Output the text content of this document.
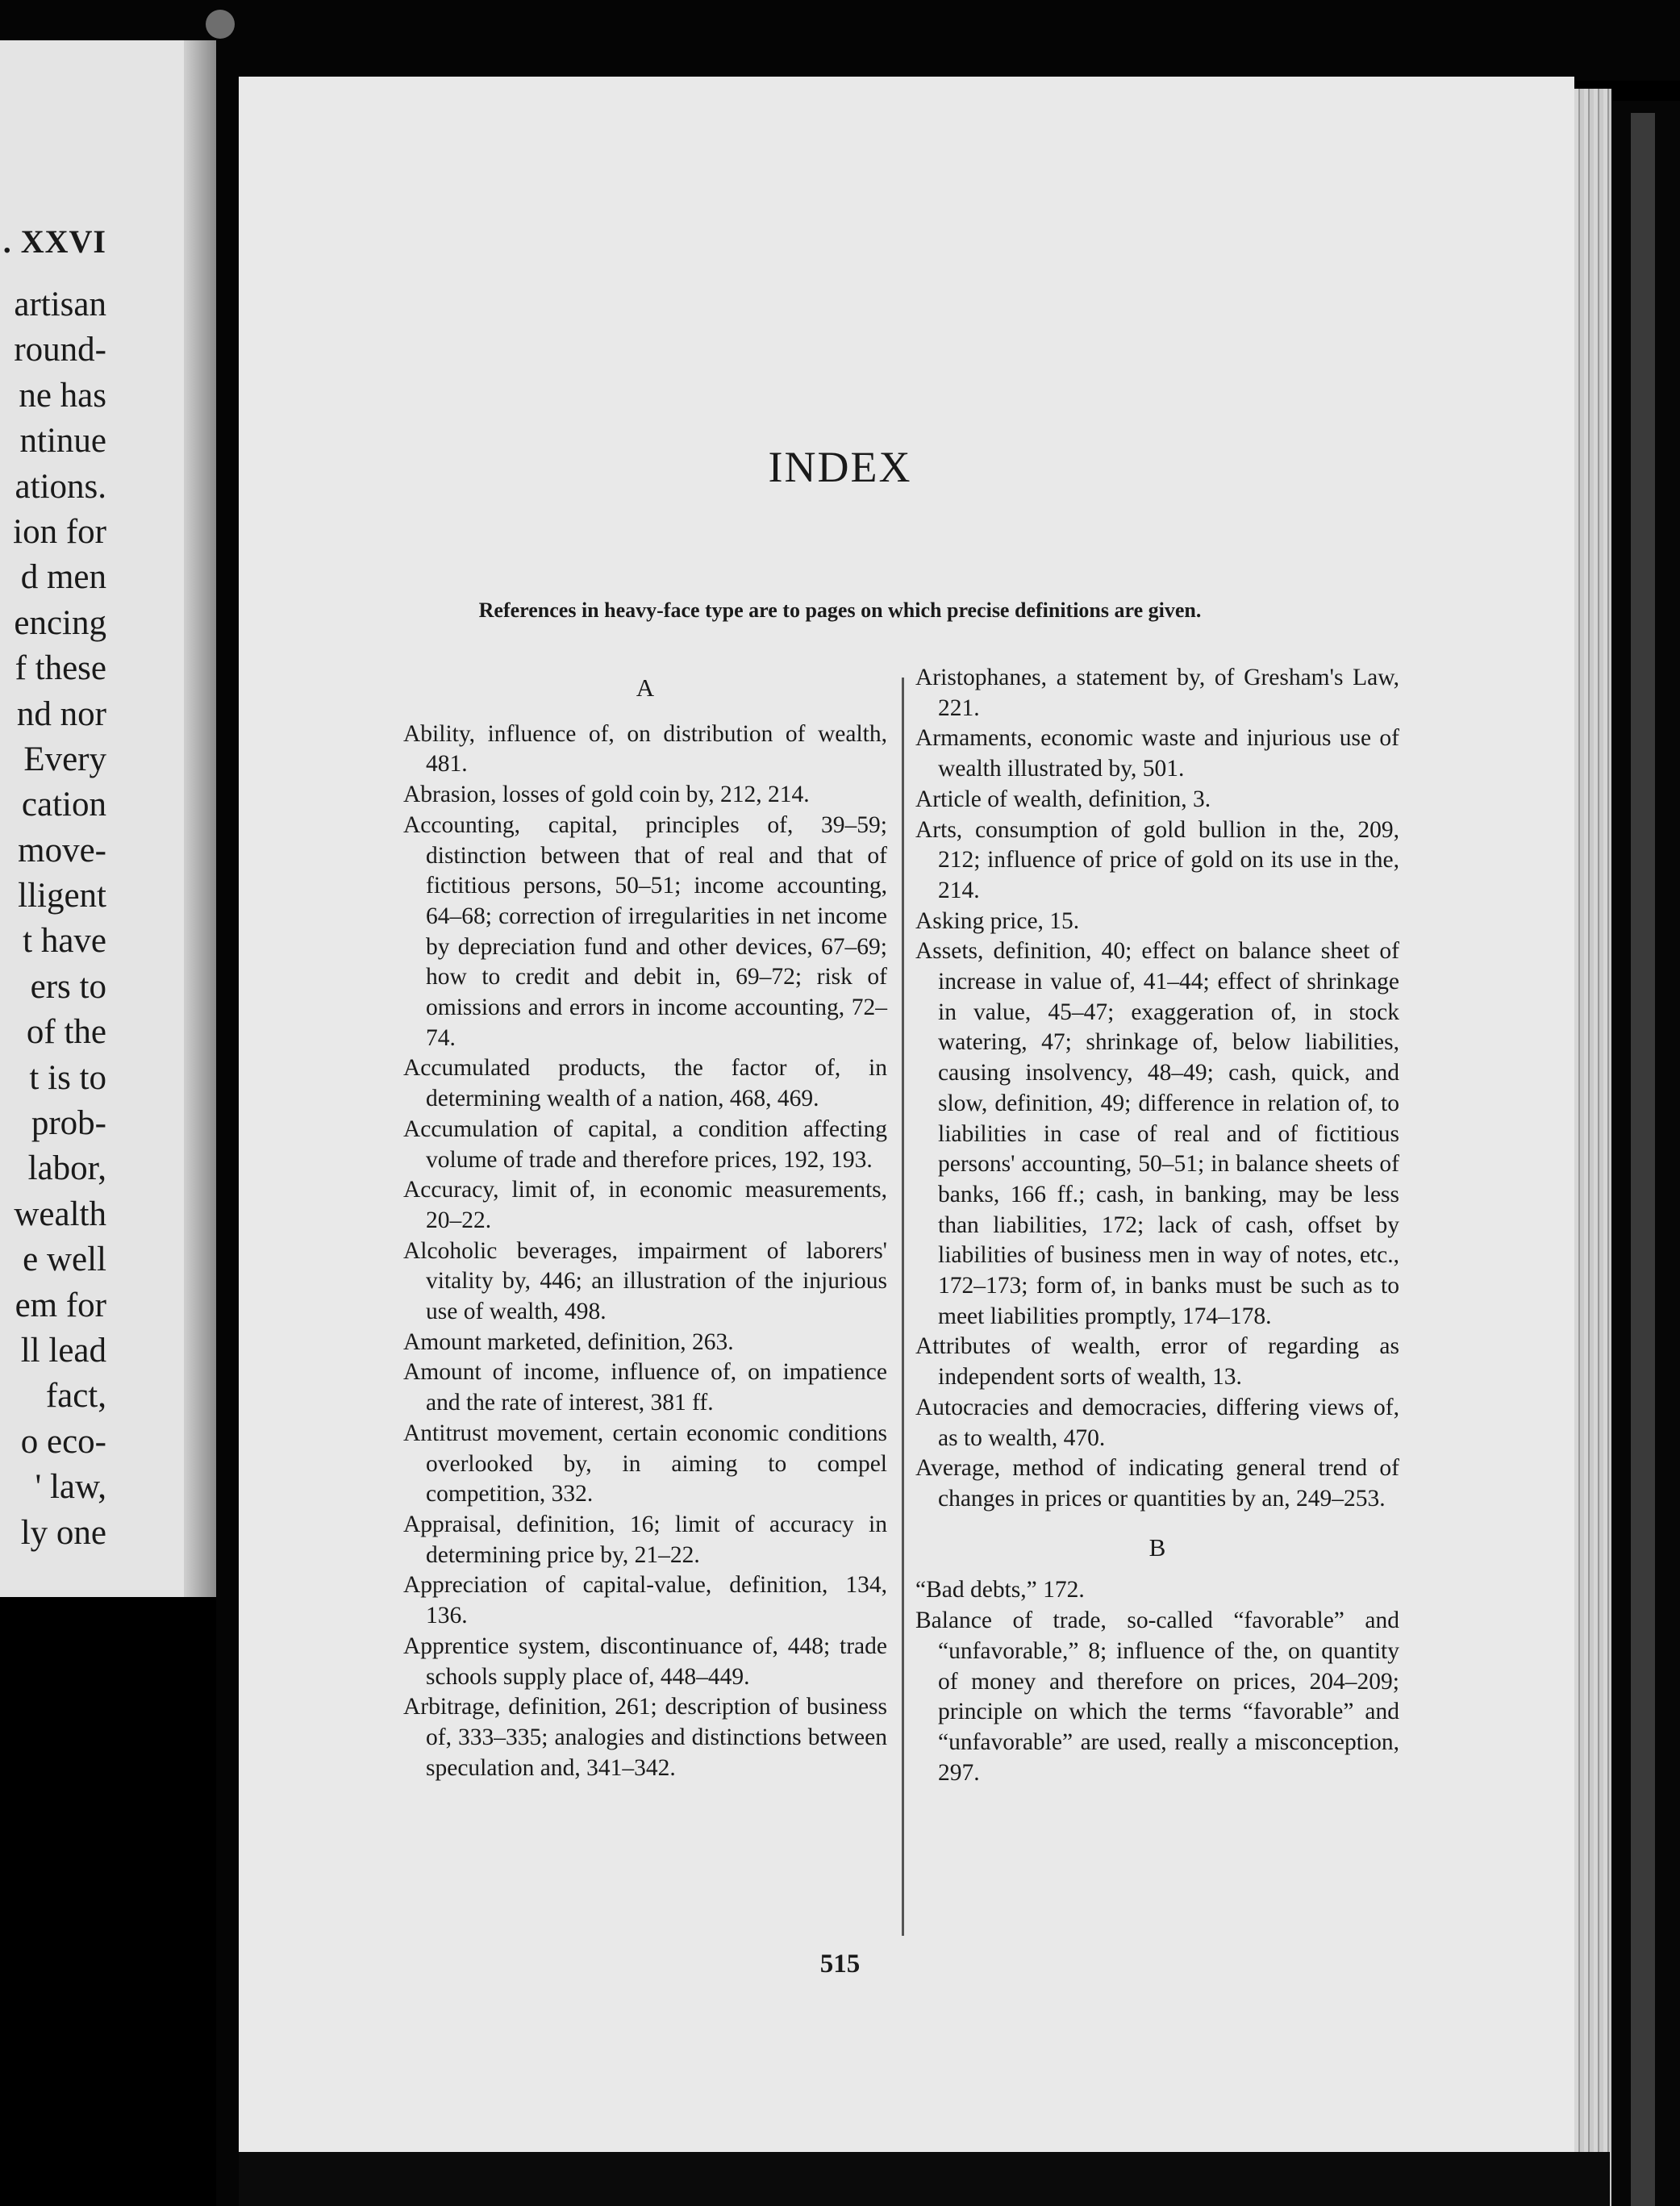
. XXVI
artisan
round-
ne has
ntinue
ations.
ion for
d men
encing
f these
nd nor
Every
cation
move-
lligent
t have
ers to
of the
t is to
prob-
labor,
wealth
e well
em for
ll lead
fact,
o eco-
' law,
ly one
INDEX
References in heavy-face type are to pages on which precise definitions are given.
A
Ability, influence of, on distribution of wealth, 481.
Abrasion, losses of gold coin by, 212, 214.
Accounting, capital, principles of, 39–59; distinction between that of real and that of fictitious persons, 50–51; income accounting, 64–68; correction of irregularities in net income by depreciation fund and other devices, 67–69; how to credit and debit in, 69–72; risk of omissions and errors in income accounting, 72–74.
Accumulated products, the factor of, in determining wealth of a nation, 468, 469.
Accumulation of capital, a condition affecting volume of trade and therefore prices, 192, 193.
Accuracy, limit of, in economic measurements, 20–22.
Alcoholic beverages, impairment of laborers' vitality by, 446; an illustration of the injurious use of wealth, 498.
Amount marketed, definition, 263.
Amount of income, influence of, on impatience and the rate of interest, 381 ff.
Antitrust movement, certain economic conditions overlooked by, in aiming to compel competition, 332.
Appraisal, definition, 16; limit of accuracy in determining price by, 21–22.
Appreciation of capital-value, definition, 134, 136.
Apprentice system, discontinuance of, 448; trade schools supply place of, 448–449.
Arbitrage, definition, 261; description of business of, 333–335; analogies and distinctions between speculation and, 341–342.
Aristophanes, a statement by, of Gresham's Law, 221.
Armaments, economic waste and injurious use of wealth illustrated by, 501.
Article of wealth, definition, 3.
Arts, consumption of gold bullion in the, 209, 212; influence of price of gold on its use in the, 214.
Asking price, 15.
Assets, definition, 40; effect on balance sheet of increase in value of, 41–44; effect of shrinkage in value, 45–47; exaggeration of, in stock watering, 47; shrinkage of, below liabilities, causing insolvency, 48–49; cash, quick, and slow, definition, 49; difference in relation of, to liabilities in case of real and of fictitious persons' accounting, 50–51; in balance sheets of banks, 166 ff.; cash, in banking, may be less than liabilities, 172; lack of cash, offset by liabilities of business men in way of notes, etc., 172–173; form of, in banks must be such as to meet liabilities promptly, 174–178.
Attributes of wealth, error of regarding as independent sorts of wealth, 13.
Autocracies and democracies, differing views of, as to wealth, 470.
Average, method of indicating general trend of changes in prices or quantities by an, 249–253.
B
“Bad debts,” 172.
Balance of trade, so-called “favorable” and “unfavorable,” 8; influence of the, on quantity of money and therefore on prices, 204–209; principle on which the terms “favorable” and “unfavorable” are used, really a misconception, 297.
515
